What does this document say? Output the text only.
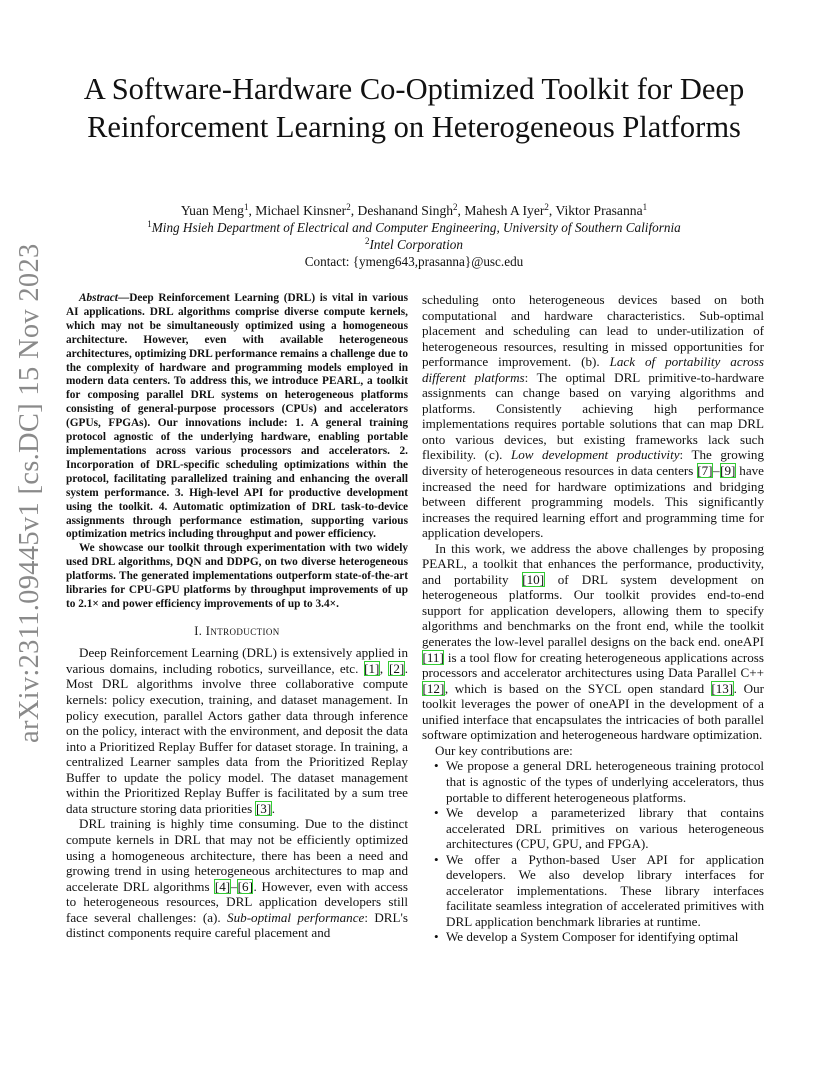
arXiv:2311.09445v1 [cs.DC] 15 Nov 2023
A Software-Hardware Co-Optimized Toolkit for Deep Reinforcement Learning on Heterogeneous Platforms
Yuan Meng$^1$, Michael Kinsner$^2$, Deshanand Singh$^2$, Mahesh A Iyer$^2$, Viktor Prasanna$^1$
$^1$Ming Hsieh Department of Electrical and Computer Engineering, University of Southern California
$^2$Intel Corporation
Contact: {ymeng643,prasanna}@usc.edu

Abstract—Deep Reinforcement Learning (DRL) is vital in various AI applications. DRL algorithms comprise diverse compute kernels, which may not be simultaneously optimized using a homogeneous architecture. However, even with available heterogeneous architectures, optimizing DRL performance remains a challenge due to the complexity of hardware and programming models employed in modern data centers. To address this, we introduce PEARL, a toolkit for composing parallel DRL systems on heterogeneous platforms consisting of general-purpose processors (CPUs) and accelerators (GPUs, FPGAs). Our innovations include: 1. A general training protocol agnostic of the underlying hardware, enabling portable implementations across various processors and accelerators. 2. Incorporation of DRL-specific scheduling optimizations within the protocol, facilitating parallelized training and enhancing the overall system performance. 3. High-level API for productive development using the toolkit. 4. Automatic optimization of DRL task-to-device assignments through performance estimation, supporting various optimization metrics including throughput and power efficiency.

We showcase our toolkit through experimentation with two widely used DRL algorithms, DQN and DDPG, on two diverse heterogeneous platforms. The generated implementations outperform state-of-the-art libraries for CPU-GPU platforms by throughput improvements of up to 2.1× and power efficiency improvements of up to 3.4×.

I. Introduction

Deep Reinforcement Learning (DRL) is extensively applied in various domains, including robotics, surveillance, etc. [1], [2]. Most DRL algorithms involve three collaborative compute kernels: policy execution, training, and dataset management. In policy execution, parallel Actors gather data through inference on the policy, interact with the environment, and deposit the data into a Prioritized Replay Buffer for dataset storage. In training, a centralized Learner samples data from the Prioritized Replay Buffer to update the policy model. The dataset management within the Prioritized Replay Buffer is facilitated by a sum tree data structure storing data priorities [3].

DRL training is highly time consuming. Due to the distinct compute kernels in DRL that may not be efficiently optimized using a homogeneous architecture, there has been a need and growing trend in using heterogeneous architectures to map and accelerate DRL algorithms [4]–[6]. However, even with access to heterogeneous resources, DRL application developers still face several challenges: (a). Sub-optimal performance: DRL's distinct components require careful placement and

scheduling onto heterogeneous devices based on both computational and hardware characteristics. Sub-optimal placement and scheduling can lead to under-utilization of heterogeneous resources, resulting in missed opportunities for performance improvement. (b). Lack of portability across different platforms: The optimal DRL primitive-to-hardware assignments can change based on varying algorithms and platforms. Consistently achieving high performance implementations requires portable solutions that can map DRL onto various devices, but existing frameworks lack such flexibility. (c). Low development productivity: The growing diversity of heterogeneous resources in data centers [7]–[9] have increased the need for hardware optimizations and bridging between different programming models. This significantly increases the required learning effort and programming time for application developers.

In this work, we address the above challenges by proposing PEARL, a toolkit that enhances the performance, productivity, and portability [10] of DRL system development on heterogeneous platforms. Our toolkit provides end-to-end support for application developers, allowing them to specify algorithms and benchmarks on the front end, while the toolkit generates the low-level parallel designs on the back end. oneAPI [11] is a tool flow for creating heterogeneous applications across processors and accelerator architectures using Data Parallel C++ [12], which is based on the SYCL open standard [13]. Our toolkit leverages the power of oneAPI in the development of a unified interface that encapsulates the intricacies of both parallel software optimization and heterogeneous hardware optimization.

Our key contributions are:

• We propose a general DRL heterogeneous training protocol that is agnostic of the types of underlying accelerators, thus portable to different heterogeneous platforms.
• We develop a parameterized library that contains accelerated DRL primitives on various heterogeneous architectures (CPU, GPU, and FPGA).
• We offer a Python-based User API for application developers. We also develop library interfaces for accelerator implementations. These library interfaces facilitate seamless integration of accelerated primitives with DRL application benchmark libraries at runtime.
• We develop a System Composer for identifying optimal
